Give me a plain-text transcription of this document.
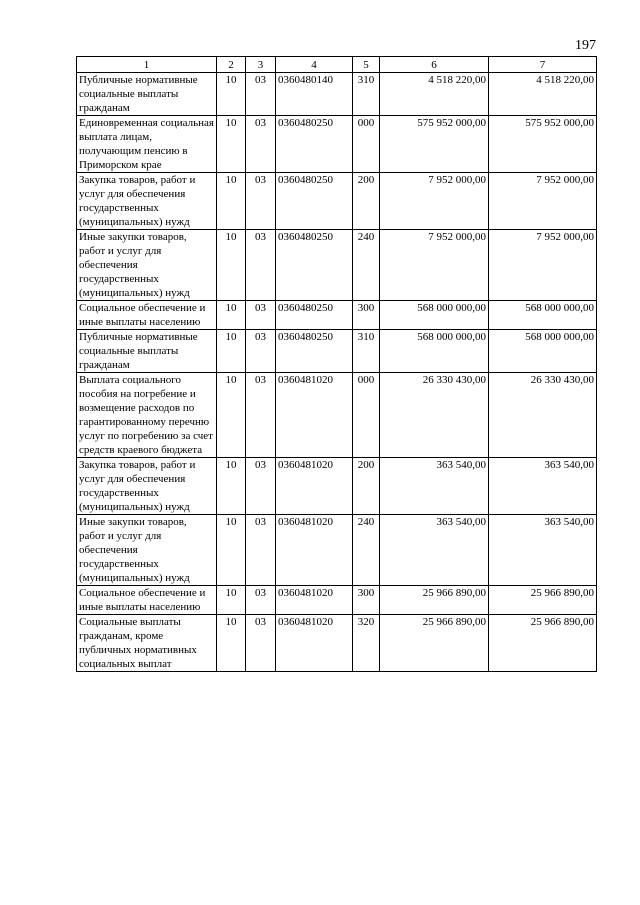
197
1	2	3	4	5	6	7
Публичные нормативные социальные выплаты гражданам	10	03	0360480140	310	4 518 220,00	4 518 220,00
Единовременная социальная выплата лицам, получающим пенсию в Приморском крае	10	03	0360480250	000	575 952 000,00	575 952 000,00
Закупка товаров, работ и услуг для обеспечения государственных (муниципальных) нужд	10	03	0360480250	200	7 952 000,00	7 952 000,00
Иные закупки товаров, работ и услуг для обеспечения государственных (муниципальных) нужд	10	03	0360480250	240	7 952 000,00	7 952 000,00
Социальное обеспечение и иные выплаты населению	10	03	0360480250	300	568 000 000,00	568 000 000,00
Публичные нормативные социальные выплаты гражданам	10	03	0360480250	310	568 000 000,00	568 000 000,00
Выплата социального пособия на погребение и возмещение расходов по гарантированному перечню услуг по погребению за счет средств краевого бюджета	10	03	0360481020	000	26 330 430,00	26 330 430,00
Закупка товаров, работ и услуг для обеспечения государственных (муниципальных) нужд	10	03	0360481020	200	363 540,00	363 540,00
Иные закупки товаров, работ и услуг для обеспечения государственных (муниципальных) нужд	10	03	0360481020	240	363 540,00	363 540,00
Социальное обеспечение и иные выплаты населению	10	03	0360481020	300	25 966 890,00	25 966 890,00
Социальные выплаты гражданам, кроме публичных нормативных социальных выплат	10	03	0360481020	320	25 966 890,00	25 966 890,00
